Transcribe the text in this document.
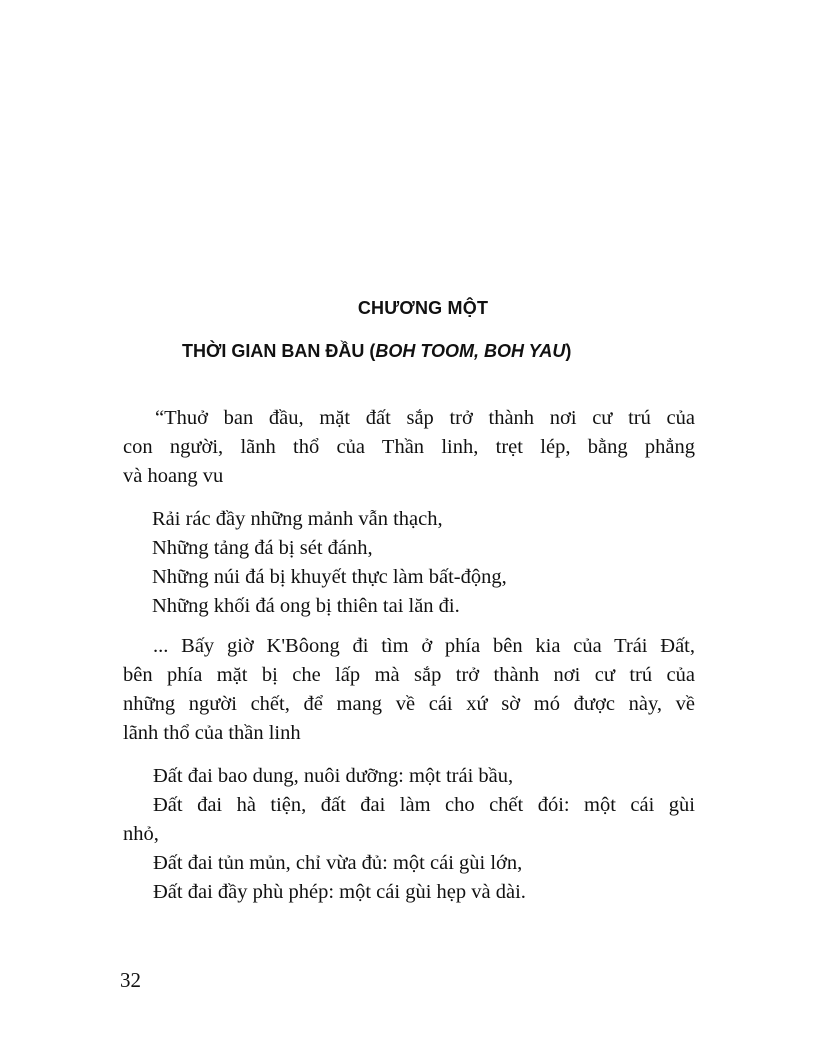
CHƯƠNG MỘT
THỜI GIAN BAN ĐẦU (BOH TOOM, BOH YAU)
“Thuở ban đầu, mặt đất sắp trở thành nơi cư trú của
con người, lãnh thổ của Thần linh, trẹt lép, bằng phẳng
và hoang vu
Rải rác đầy những mảnh vẫn thạch,
Những tảng đá bị sét đánh,
Những núi đá bị khuyết thực làm bất-động,
Những khối đá ong bị thiên tai lăn đi.
... Bấy giờ K'Bôong đi tìm ở phía bên kia của Trái Đất,
bên phía mặt bị che lấp mà sắp trở thành nơi cư trú của
những người chết, để mang về cái xứ sờ mó được này, về
lãnh thổ của thần linh
Đất đai bao dung, nuôi dưỡng: một trái bầu,
Đất đai hà tiện, đất đai làm cho chết đói: một cái gùi
nhỏ,
Đất đai tủn mủn, chỉ vừa đủ: một cái gùi lớn,
Đất đai đầy phù phép: một cái gùi hẹp và dài.
32
